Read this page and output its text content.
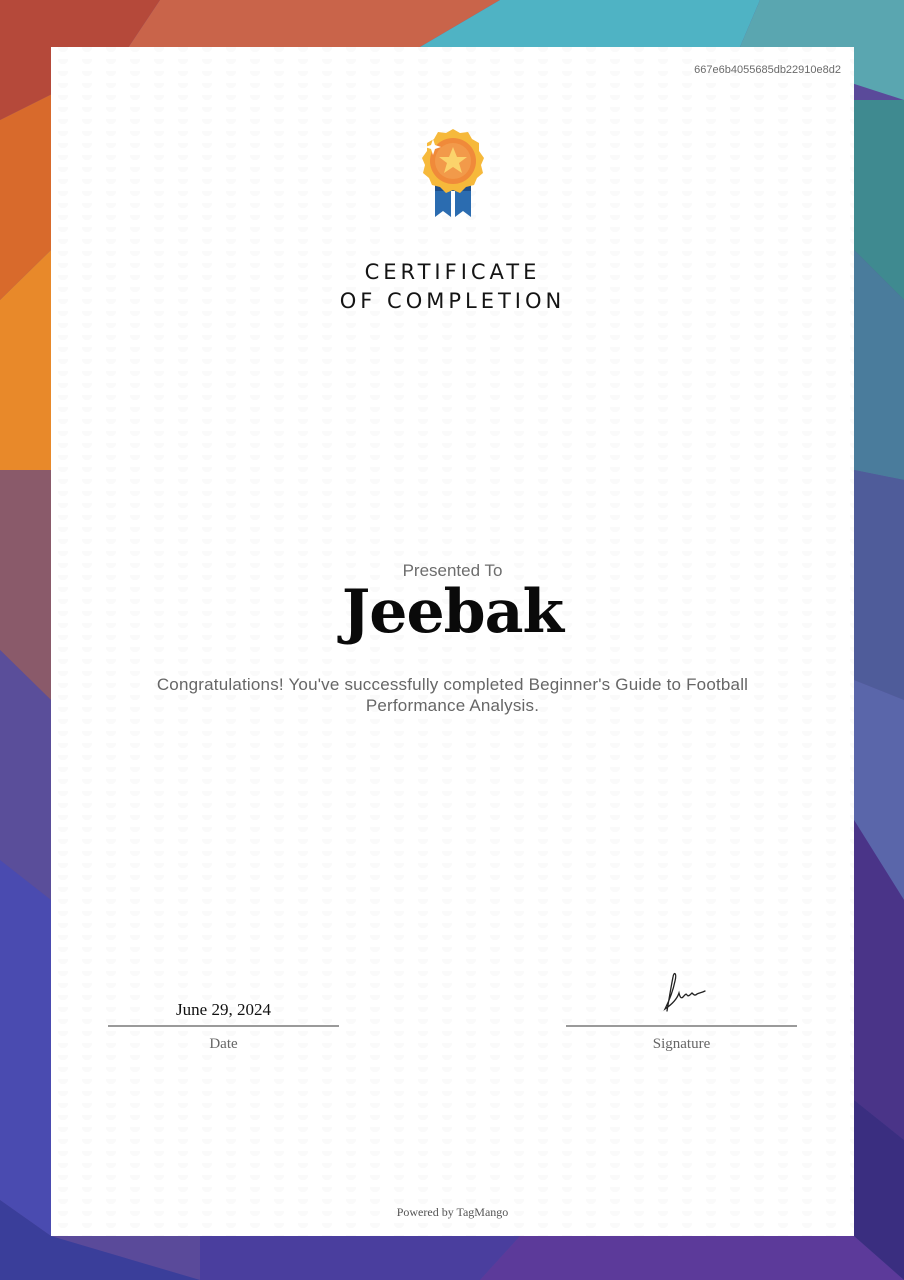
667e6b4055685db22910e8d2
CERTIFICATE
OF COMPLETION
Presented To
Jeebak
Congratulations! You've successfully completed Beginner's Guide to Football Performance Analysis.
June 29, 2024
Date	Signature
Powered by TagMango
